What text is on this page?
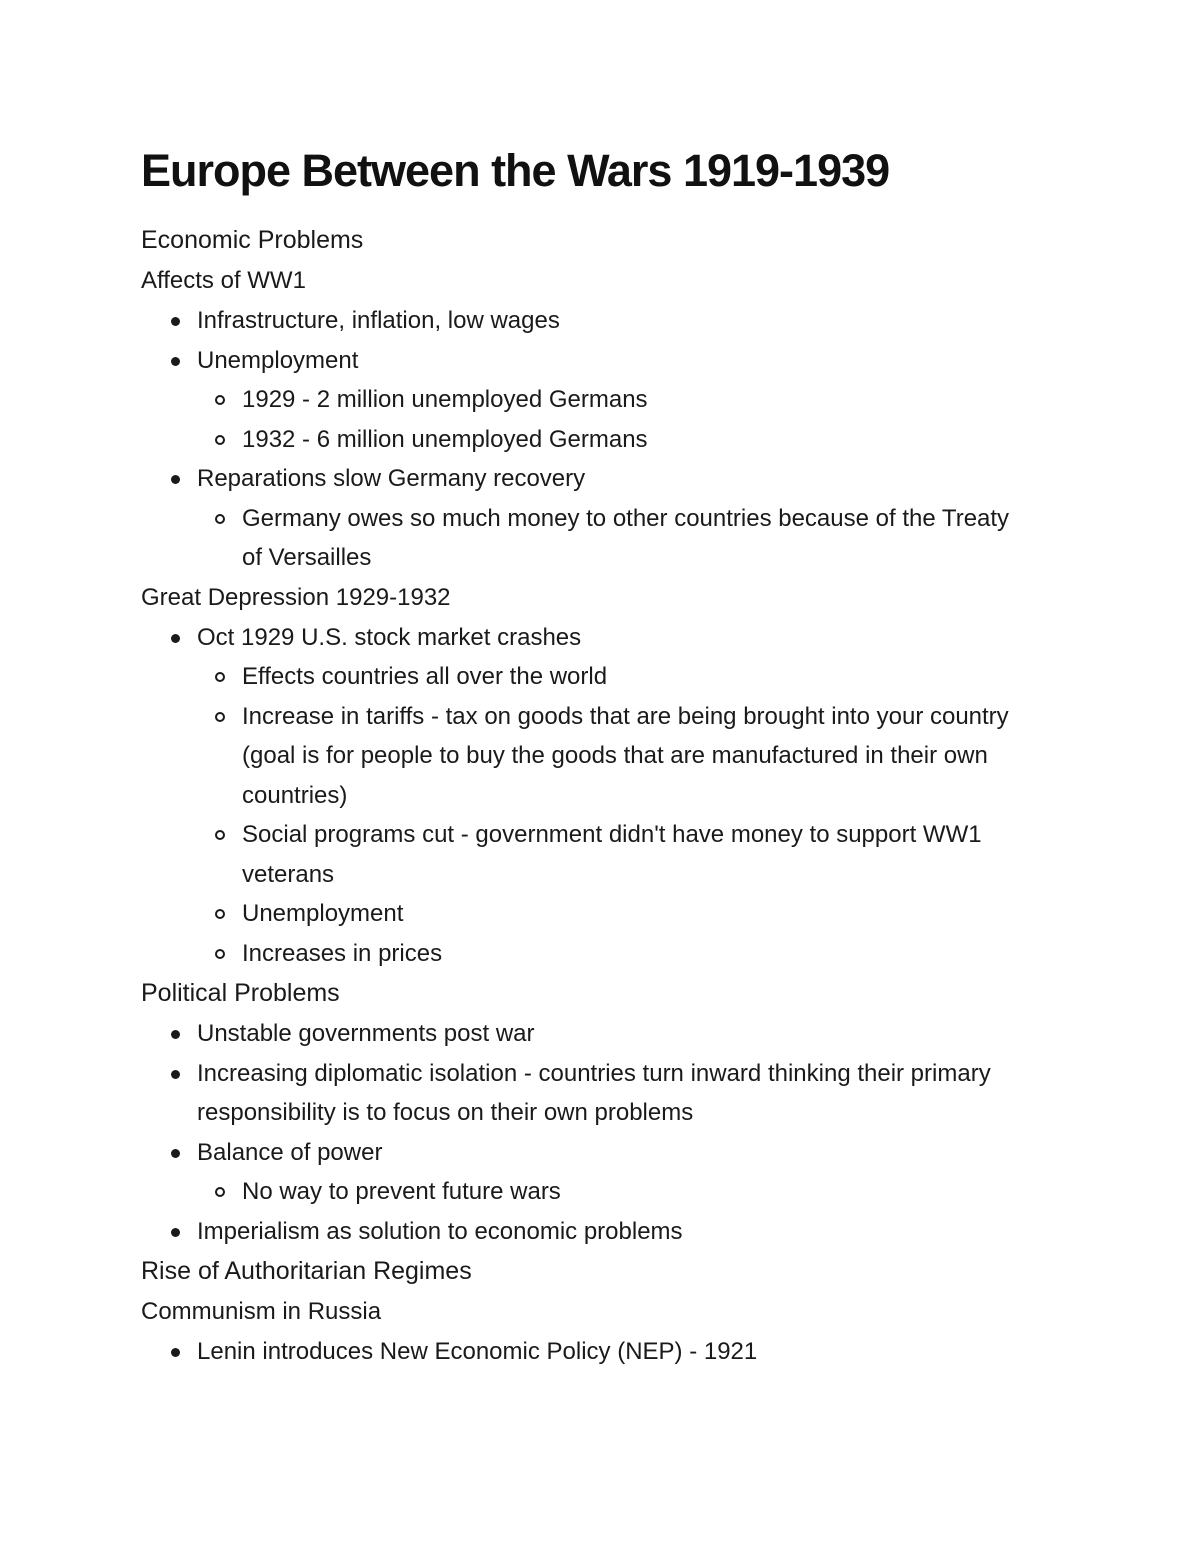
Europe Between the Wars 1919-1939
Economic Problems
Affects of WW1
Infrastructure, inflation, low wages
Unemployment
1929 - 2 million unemployed Germans
1932 - 6 million unemployed Germans
Reparations slow Germany recovery
Germany owes so much money to other countries because of the Treaty of Versailles
Great Depression 1929-1932
Oct 1929 U.S. stock market crashes
Effects countries all over the world
Increase in tariffs - tax on goods that are being brought into your country (goal is for people to buy the goods that are manufactured in their own countries)
Social programs cut - government didn't have money to support WW1 veterans
Unemployment
Increases in prices
Political Problems
Unstable governments post war
Increasing diplomatic isolation - countries turn inward thinking their primary responsibility is to focus on their own problems
Balance of power
No way to prevent future wars
Imperialism as solution to economic problems
Rise of Authoritarian Regimes
Communism in Russia
Lenin introduces New Economic Policy (NEP) - 1921
